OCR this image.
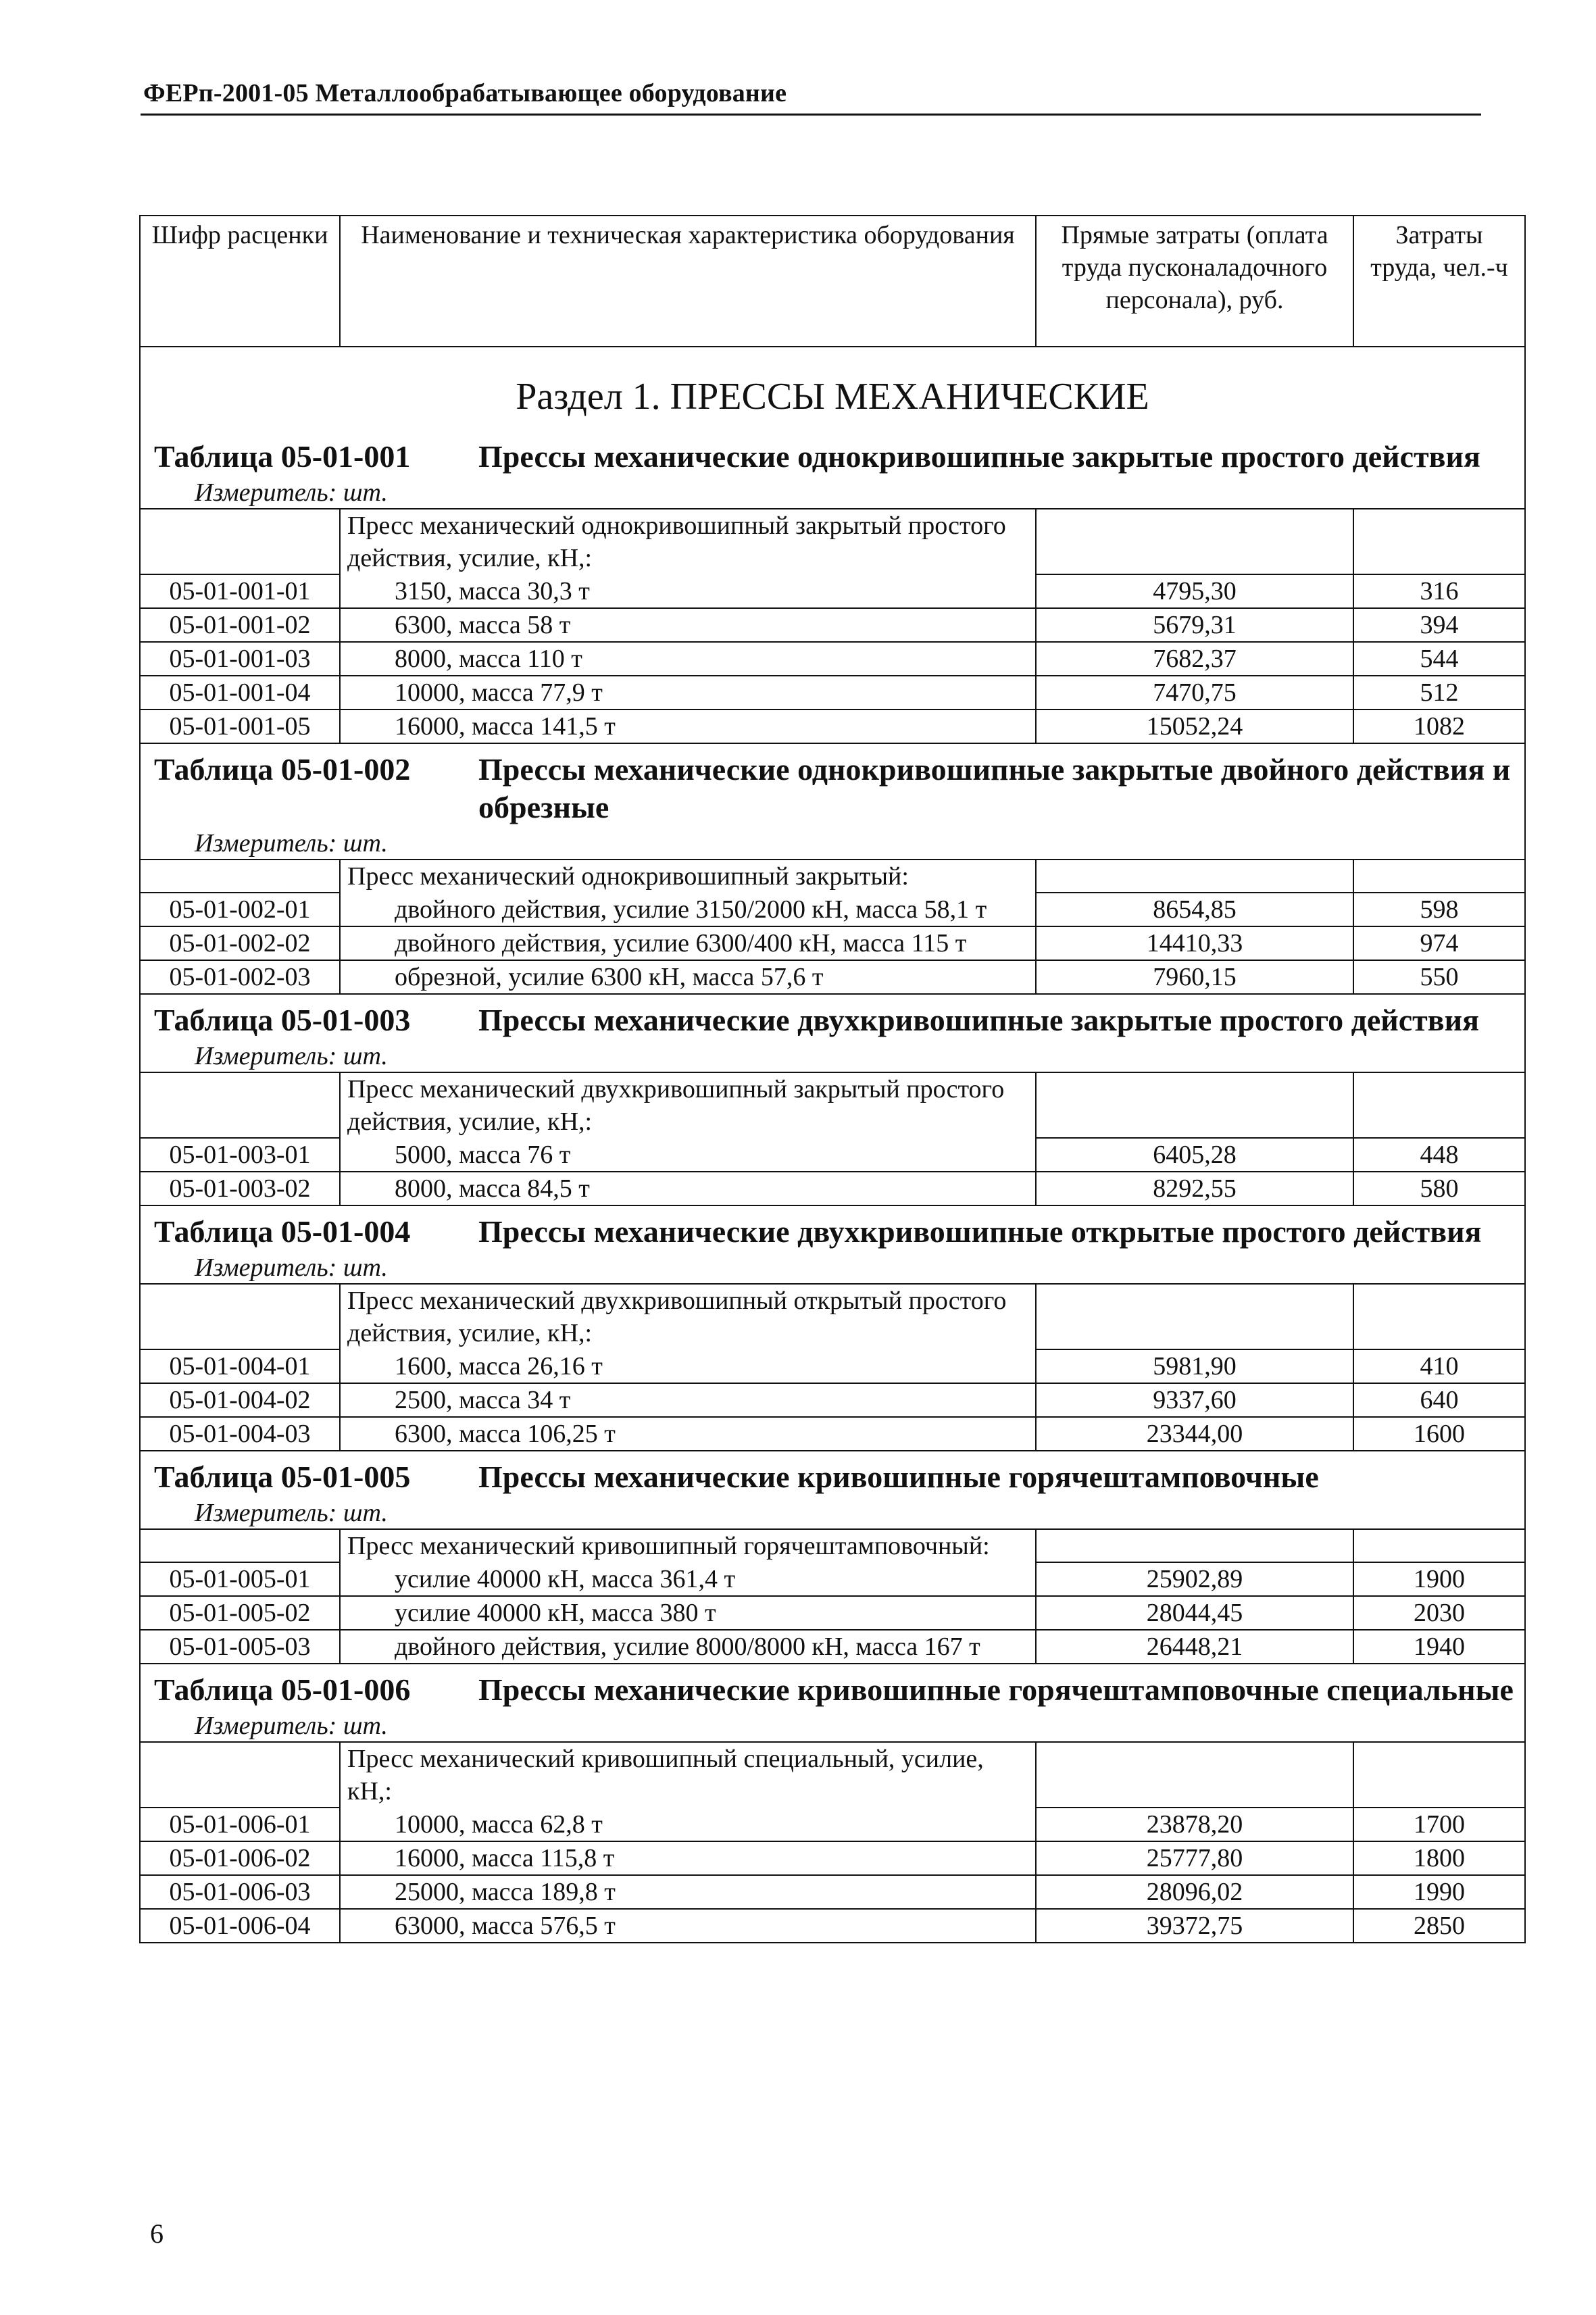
ФЕРп-2001-05 Металлообрабатывающее оборудование
Шифр расценки	Наименование и техническая характеристика оборудования	Прямые затраты (оплата труда пусконаладочного персонала), руб.	Затраты труда, чел.-ч

Раздел 1. ПРЕССЫ МЕХАНИЧЕСКИЕ			

Таблица 05-01-001 Прессы механические однокривошипные закрытые простого действия
Измеритель: шт.			

	Пресс механический однокривошипный закрытый простого действия, усилие, кН,:		
05-01-001-01	3150, масса 30,3 т	4795,30	316
05-01-001-02	6300, масса 58 т	5679,31	394
05-01-001-03	8000, масса 110 т	7682,37	544
05-01-001-04	10000, масса 77,9 т	7470,75	512
05-01-001-05	16000, масса 141,5 т	15052,24	1082

Таблица 05-01-002 Прессы механические однокривошипные закрытые двойного действия и обрезные
Измеритель: шт.			

	Пресс механический однокривошипный закрытый:		
05-01-002-01	двойного действия, усилие 3150/2000 кН, масса 58,1 т	8654,85	598
05-01-002-02	двойного действия, усилие 6300/400 кН, масса 115 т	14410,33	974
05-01-002-03	обрезной, усилие 6300 кН, масса 57,6 т	7960,15	550

Таблица 05-01-003 Прессы механические двухкривошипные закрытые простого действия
Измеритель: шт.			

	Пресс механический двухкривошипный закрытый простого действия, усилие, кН,:		
05-01-003-01	5000, масса 76 т	6405,28	448
05-01-003-02	8000, масса 84,5 т	8292,55	580

Таблица 05-01-004 Прессы механические двухкривошипные открытые простого действия
Измеритель: шт.			

	Пресс механический двухкривошипный открытый простого действия, усилие, кН,:		
05-01-004-01	1600, масса 26,16 т	5981,90	410
05-01-004-02	2500, масса 34 т	9337,60	640
05-01-004-03	6300, масса 106,25 т	23344,00	1600

Таблица 05-01-005 Прессы механические кривошипные горячештамповочные
Измеритель: шт.			

	Пресс механический кривошипный горячештамповочный:		
05-01-005-01	усилие 40000 кН, масса 361,4 т	25902,89	1900
05-01-005-02	усилие 40000 кН, масса 380 т	28044,45	2030
05-01-005-03	двойного действия, усилие 8000/8000 кН, масса 167 т	26448,21	1940

Таблица 05-01-006 Прессы механические кривошипные горячештамповочные специальные
Измеритель: шт.			

	Пресс механический кривошипный специальный, усилие, кН,:		
05-01-006-01	10000, масса 62,8 т	23878,20	1700
05-01-006-02	16000, масса 115,8 т	25777,80	1800
05-01-006-03	25000, масса 189,8 т	28096,02	1990
05-01-006-04	63000, масса 576,5 т	39372,75	2850
6
